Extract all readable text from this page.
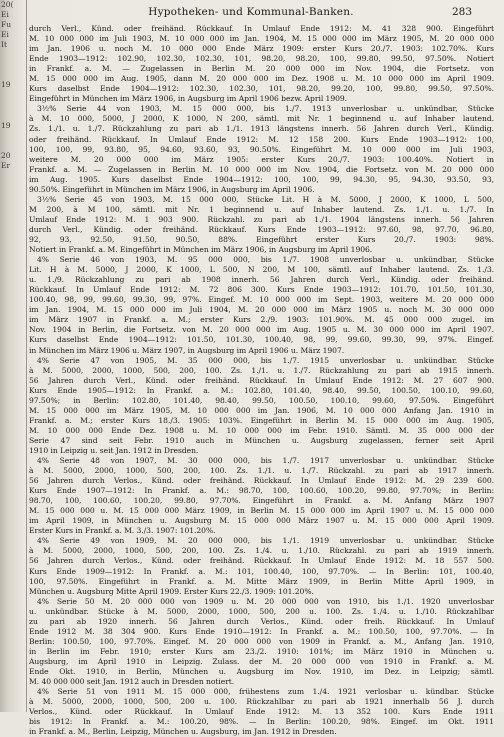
20(
Ei
Fu
Ei
It
19
19
20
Er
Hypotheken- und Kommunal-Banken.	283
durch Verl., Künd. oder freihänd. Rückkauf. In Umlauf Ende 1912: M. 41 328 900. Eingeführt
M. 10 000 000 im Juli 1903, M. 10 000 000 im Jan. 1904, M. 15 000 000 im März 1905, M. 20 000 000
im Jan. 1906 u. noch M. 10 000 000 Ende März 1909: erster Kurs 20./7. 1903: 102.70%. Kurs
Ende 1903—1912: 102.90, 102.30, 102.30, 101, 98.20, 98.20, 100, 99.80, 99.50, 97.50%. Notiert
in Frankf. a. M. — Zugelassen in Berlin M. 20 000 000 im Nov. 1904, die Fortsetz. von
M. 15 000 000 im Aug. 1905, dann M. 20 000 000 im Dez. 1908 u. M. 10 000 000 im April 1909.
Kurs daselbst Ende 1904—1912: 102.30, 102.30, 101, 98.20, 99.20, 100, 99.80, 99.50, 97.50%.
Eingeführt in München im März 1906, in Augsburg im April 1906 bezw. April 1909.
3½% Serie 44 von 1903, M. 15 000 000, bis 1./7. 1913 unverlosbar u. unkündbar, Stücke
à M. 10 000, 5000, J 2000, K 1000, N 200, sämtl. mit Nr. 1 beginnend u. auf Inhaber lautend.
Zs. 1./1. u. 1./7. Rückzahlung zu pari ab 1./1. 1913 längstens innerh. 56 Jahren durch Verl., Kündig.
oder freihänd. Rückkauf. In Umlauf Ende 1912: M. 12 158 200. Kurs Ende 1903—1912: 100,
100, 100, 99, 93.80, 95, 94.60, 93.60, 93, 90.50%. Eingeführt M. 10 000 000 im Juli 1903,
weitere M. 20 000 000 im März 1905: erster Kurs 20./7. 1903: 100.40%. Notiert in
Frankf. a. M. — Zugelassen in Berlin M. 10 000 000 im Nov. 1904, die Fortsetz. von M. 20 000 000
im Aug. 1905. Kurs daselbst Ende 1904—1912: 100, 100, 99, 94.30, 95, 94.30, 93.50, 93,
90.50%. Eingeführt in München im März 1906, in Augsburg im April 1906.
3½% Serie 45 von 1903, M. 15 000 000, Stücke Lit. H à M. 5000, J 2000, K 1000, L 500,
M 200, à M 100, sämtl. mit Nr. 1 beginnend u. auf Inhaber lautend. Zs. 1./1. u. 1./7. In
Umlauf Ende 1912: M. 1 903 900. Rückzahl. zu pari ab 1./1. 1904 längstens innerh. 56 Jahren
durch Verl., Kündig. oder freihänd. Rückkauf. Kurs Ende 1903—1912: 97.60, 98, 97.70, 96.80,
92, 93, 92.50, 91.50, 90.50, 88%. Eingeführt erster Kurs 20./7. 1903: 98%.
Notiert in Frankf. a. M. Eingeführt in München im März 1906, in Augsburg im April 1906.
4% Serie 46 von 1903, M. 95 000 000, bis 1./7. 1908 unverlosbar u. unkündbar, Stücke
Lit. H à M. 5000, J 2000, K 1000, L 500, N 200, M 100, sämtl. auf Inhaber lautend. Zs. 1./3.
u. 1./9. Rückzahlung zu pari ab 1908 innerh. 56 Jahren durch Verl., Kündig. oder freihänd.
Rückkauf. In Umlauf Ende 1912: M. 72 806 300. Kurs Ende 1903—1912: 101.70, 101.50, 101.30,
100.40, 98, 99, 99.60, 99.30, 99, 97%. Eingef. M. 10 000 000 im Sept. 1903, weitere M. 20 000 000
im Jan. 1904, M. 15 000 000 im Juli 1904, M. 20 000 000 im März 1905 u. noch M. 30 000 000
im März 1907 in Frankf. a. M.; erster Kurs 2./9. 1903: 101.90%. M. 45 000 000 zugel. im
Nov. 1904 in Berlin, die Fortsetz. von M. 20 000 000 im Aug. 1905 u. M. 30 000 000 im April 1907.
Kurs daselbst Ende 1904—1912: 101.50, 101.30, 100.40, 98, 99, 99.60, 99.30, 99, 97%. Eingef.
in München im März 1906 u. März 1907, in Augsburg im April 1906 u. März 1907.
4% Serie 47 von 1905, M. 35 000 000, bis 1./7. 1915 unverlosbar u. unkündbar. Stücke
à M. 5000, 2000, 1000, 500, 200, 100. Zs. 1./1. u. 1./7. Rückzahlung zu pari ab 1915 innerh.
56 Jahren durch Verl., Künd. oder freihänd. Rückkauf. In Umlauf Ende 1912: M. 27 607 900.
Kurs Ende 1905—1912: In Frankf. a. M.: 102.80, 101.40, 98.40, 99.50, 100.50, 100.10, 99.60,
97.50%; in Berlin: 102.80, 101.40, 98.40, 99.50, 100.50, 100.10, 99.60, 97.50%. Eingeführt
M. 15 000 000 im März 1905, M. 10 000 000 im Jan. 1906, M. 10 000 000 Anfang Jan. 1910 in
Frankf. a. M.; erster Kurs 18./3. 1905: 103%. Eingeführt in Berlin M. 15 000 000 im Aug. 1905,
M. 10 000 000 Ende Dez. 1908 u. M. 10 000 000 im Febr. 1910. Sämtl. M. 35 000 000 der
Serie 47 sind seit Febr. 1910 auch in München u. Augsburg zugelassen, ferner seit April
1910 in Leipzig u. seit Jan. 1912 in Dresden.
4% Serie 48 von 1907, M. 30 000 000, bis 1./7. 1917 unverlosbar u. unkündbar. Stücke
à M. 5000, 2000, 1000, 500, 200, 100. Zs. 1./1. u. 1./7. Rückzahl. zu pari ab 1917 innerh.
56 Jahren durch Verlos., Künd. oder freihänd. Rückkauf. In Umlauf Ende 1912: M. 29 239 600.
Kurs Ende 1907—1912: In Frankf. a. M.: 98.70, 100, 100.60, 100.20, 99.80, 97.70%; in Berlin:
98.70, 100, 100.60, 100.20, 99.80, 97.70%. Eingeführt in Frankf. a. M. Anfang März 1907
M. 15 000 000 u. M. 15 000 000 März 1909, in Berlin M. 15 000 000 im April 1907 u. M. 15 000 000
im April 1909, in München u. Augsburg M. 15 000 000 März 1907 u. M. 15 000 000 April 1909.
Erster Kurs in Frankf. a. M. 3./3. 1907: 101.20%.
4% Serie 49 von 1909, M. 20 000 000, bis 1./1. 1919 unverlosbar u. unkündbar. Stücke
à M. 5000, 2000, 1000, 500, 200, 100. Zs. 1./4. u. 1./10. Rückzahl. zu pari ab 1919 innerh.
56 Jahren durch Verlos., Künd. oder freihänd. Rückkauf. In Umlauf Ende 1912: M. 18 557 500.
Kurs Ende 1909—1912: In Frankf. a. M.: 101, 100.40, 100, 97.70%. — In Berlin: 101, 100.40,
100, 97.50%. Eingeführt in Frankf. a. M. Mitte März 1909, in Berlin Mitte April 1909, in
München u. Augsburg Mitte April 1909. Erster Kurs 22./3. 1909: 101.20%.
4% Serie 50 M. 20 000 000 von 1909 u. M. 20 000 000 von 1910, bis 1./1. 1920 unverlosbar
u. unkündbar. Stücke à M. 5000, 2000, 1000, 500, 200 u. 100. Zs. 1./4. u. 1./10. Rückzahlbar
zu pari ab 1920 innerh. 56 Jahren durch Verlos., Künd. oder freih. Rückkauf. In Umlauf
Ende 1912 M. 38 304 900. Kurs Ende 1910—1912: In Frankf. a. M.: 100.50, 100, 97.70%. — In
Berlin: 100.50, 100, 97.70%. Eingef. M. 20 000 000 von 1909 in Frankf. a. M., Anfang Jan. 1910,
in Berlin im Febr. 1910; erster Kurs am 23./2. 1910: 101%; im März 1910 in München u.
Augsburg, im April 1910 in Leipzig. Zulass. der M. 20 000 000 von 1910 in Frankf. a. M.
Ende Okt. 1910, in Berlin, München u. Augsburg im Nov. 1910, im Dez. in Leipzig; sämtl.
M. 40 000 000 seit Jan. 1912 auch in Dresden notiert.
4% Serie 51 von 1911 M. 15 000 000, frühestens zum 1./4. 1921 verlosbar u. kündbar. Stücke
à M. 5000, 2000, 1000, 500, 200 u. 100. Rückzahlbar zu pari ab 1921 innerhalb 56 J. durch
Verlos., Künd. oder Rückkauf. In Umlauf Ende 1912: M. 13 352 100. Kurs Ende 1911
bis 1912: In Frankf. a. M.: 100.20, 98%. — In Berlin: 100.20, 98%. Eingef. im Okt. 1911
in Frankf. a. M., Berlin, Leipzig, München u. Augsburg, im Jan. 1912 in Dresden.
